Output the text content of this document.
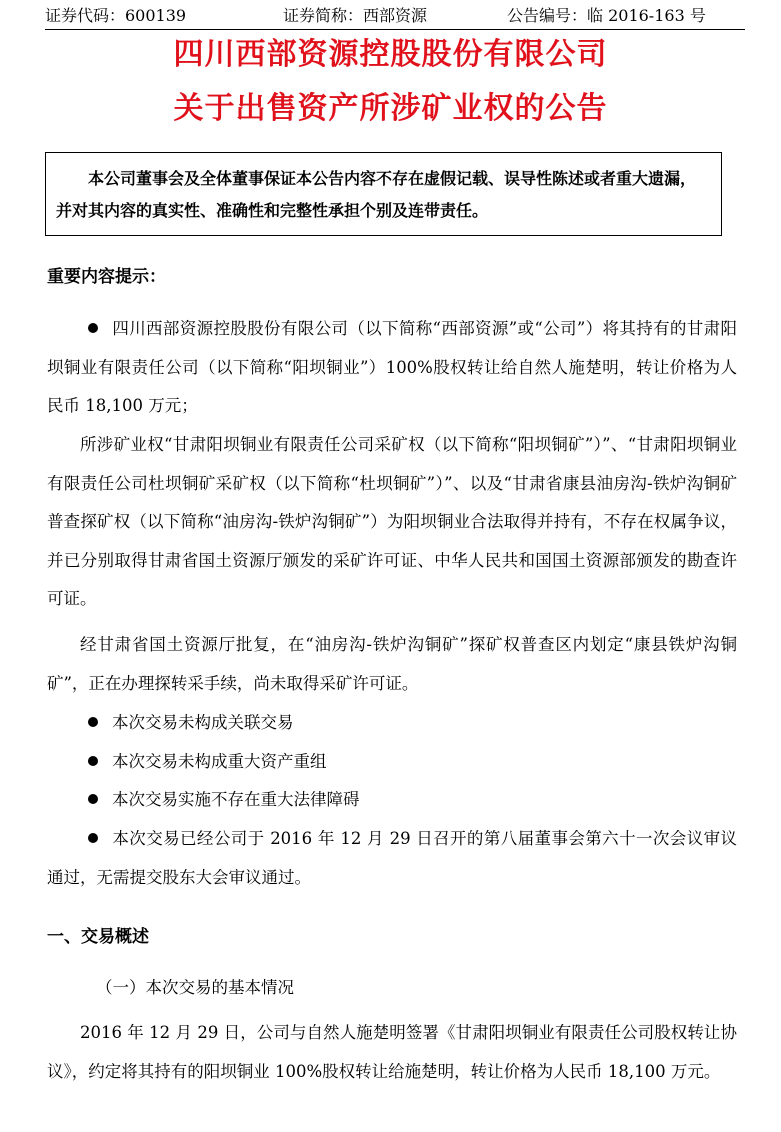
证券代码：600139	证券简称：西部资源	公告编号：临 2016-163 号
四川西部资源控股股份有限公司
关于出售资产所涉矿业权的公告

本公司董事会及全体董事保证本公告内容不存在虚假记载、误导性陈述或者重大遗漏，并对其内容的真实性、准确性和完整性承担个别及连带责任。

重要内容提示：
四川西部资源控股股份有限公司（以下简称“西部资源”或“公司”）将其持有的甘肃阳坝铜业有限责任公司（以下简称“阳坝铜业”）100%股权转让给自然人施楚明，转让价格为人民币 18,100 万元；
所涉矿业权“甘肃阳坝铜业有限责任公司采矿权（以下简称“阳坝铜矿”）”、“甘肃阳坝铜业有限责任公司杜坝铜矿采矿权（以下简称“杜坝铜矿”）”、以及“甘肃省康县油房沟-铁炉沟铜矿普查探矿权（以下简称“油房沟-铁炉沟铜矿”）为阳坝铜业合法取得并持有，不存在权属争议，并已分别取得甘肃省国土资源厅颁发的采矿许可证、中华人民共和国国土资源部颁发的勘查许可证。
经甘肃省国土资源厅批复，在“油房沟-铁炉沟铜矿”探矿权普查区内划定“康县铁炉沟铜矿”，正在办理探转采手续，尚未取得采矿许可证。
本次交易未构成关联交易
本次交易未构成重大资产重组
本次交易实施不存在重大法律障碍
本次交易已经公司于 2016 年 12 月 29 日召开的第八届董事会第六十一次会议审议通过，无需提交股东大会审议通过。
一、交易概述
（一）本次交易的基本情况
2016 年 12 月 29 日，公司与自然人施楚明签署《甘肃阳坝铜业有限责任公司股权转让协议》，约定将其持有的阳坝铜业 100%股权转让给施楚明，转让价格为人民币 18,100 万元。
